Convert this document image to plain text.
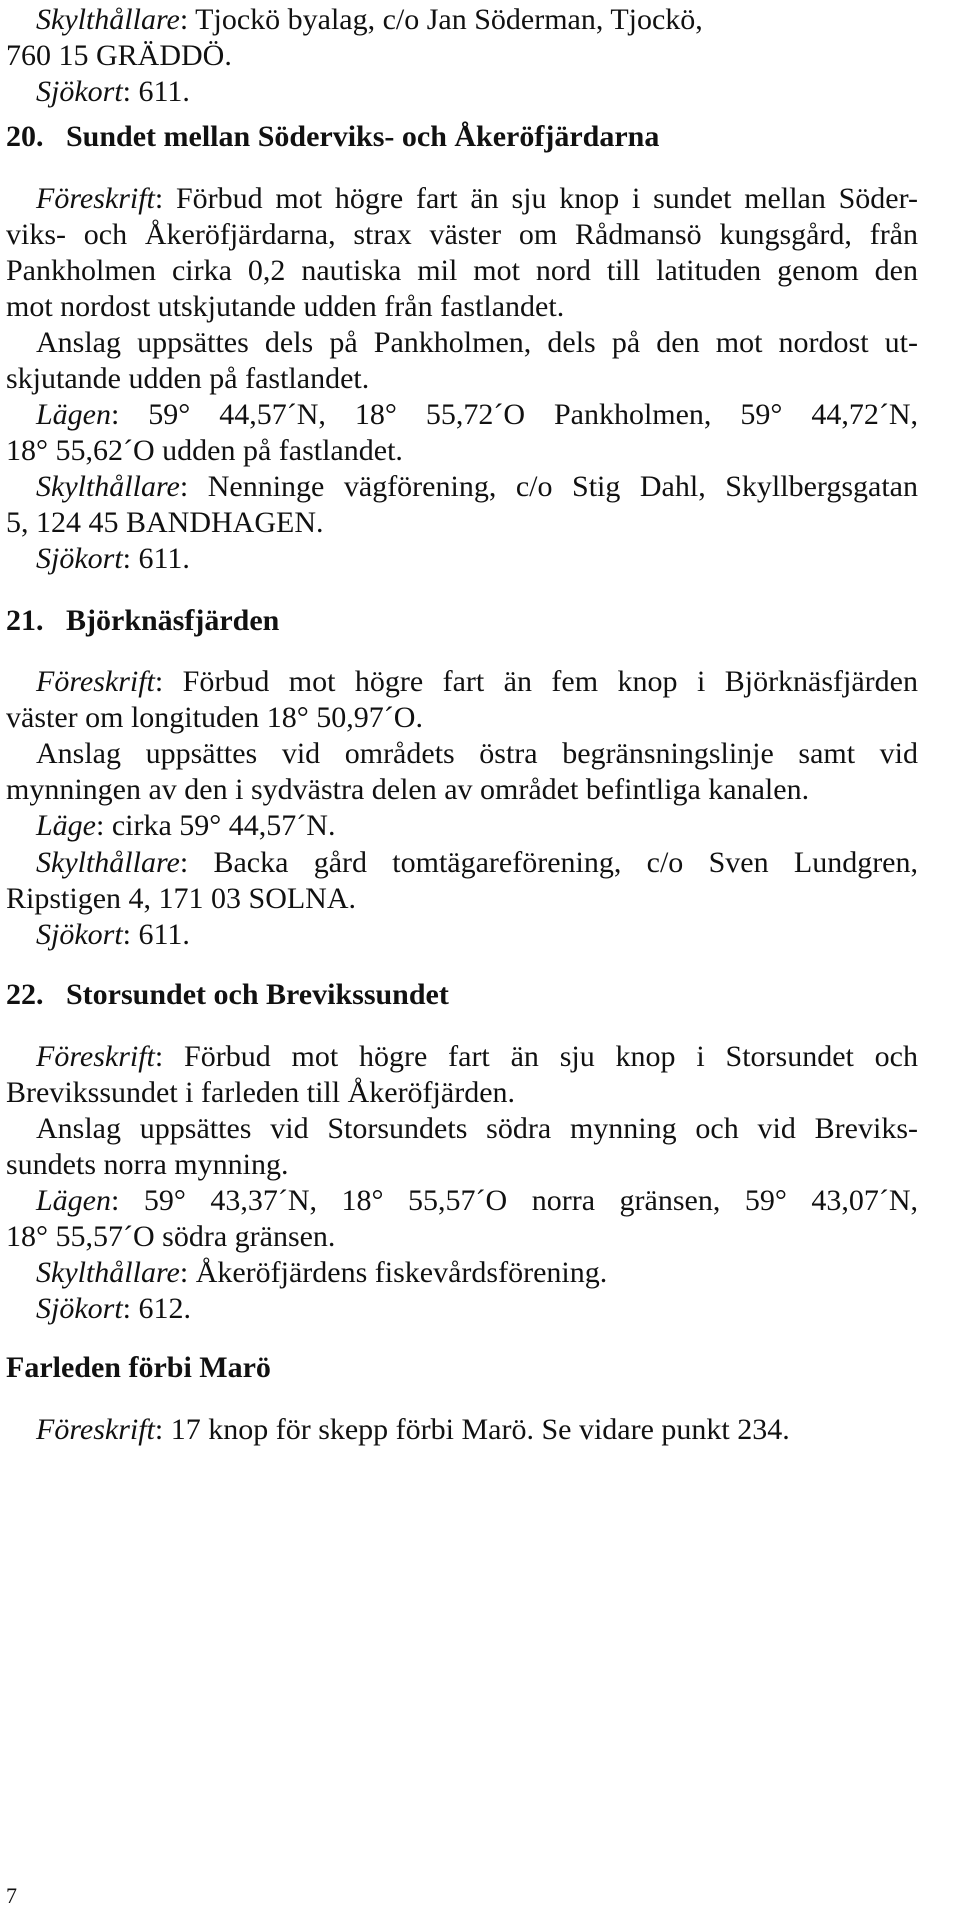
Skylthållare: Tjockö byalag, c/o Jan Söderman, Tjockö,
760 15 GRÄDDÖ.
Sjökort: 611.
20. Sundet mellan Söderviks- och Åkeröfjärdarna
Föreskrift: Förbud mot högre fart än sju knop i sundet mellan Söder-
viks- och Åkeröfjärdarna, strax väster om Rådmansö kungsgård, från
Pankholmen cirka 0,2 nautiska mil mot nord till latituden genom den
mot nordost utskjutande udden från fastlandet.
Anslag uppsättes dels på Pankholmen, dels på den mot nordost ut-
skjutande udden på fastlandet.
Lägen: 59° 44,57´N, 18° 55,72´O Pankholmen, 59° 44,72´N,
18° 55,62´O udden på fastlandet.
Skylthållare: Nenninge vägförening, c/o Stig Dahl, Skyllbergsgatan
5, 124 45 BANDHAGEN.
Sjökort: 611.
21. Björknäsfjärden
Föreskrift: Förbud mot högre fart än fem knop i Björknäsfjärden
väster om longituden 18° 50,97´O.
Anslag uppsättes vid områdets östra begränsningslinje samt vid
mynningen av den i sydvästra delen av området befintliga kanalen.
Läge: cirka 59° 44,57´N.
Skylthållare: Backa gård tomtägareförening, c/o Sven Lundgren,
Ripstigen 4, 171 03 SOLNA.
Sjökort: 611.
22. Storsundet och Brevikssundet
Föreskrift: Förbud mot högre fart än sju knop i Storsundet och
Brevikssundet i farleden till Åkeröfjärden.
Anslag uppsättes vid Storsundets södra mynning och vid Breviks-
sundets norra mynning.
Lägen: 59° 43,37´N, 18° 55,57´O norra gränsen, 59° 43,07´N,
18° 55,57´O södra gränsen.
Skylthållare: Åkeröfjärdens fiskevårdsförening.
Sjökort: 612.
Farleden förbi Marö
Föreskrift: 17 knop för skepp förbi Marö. Se vidare punkt 234.
7
